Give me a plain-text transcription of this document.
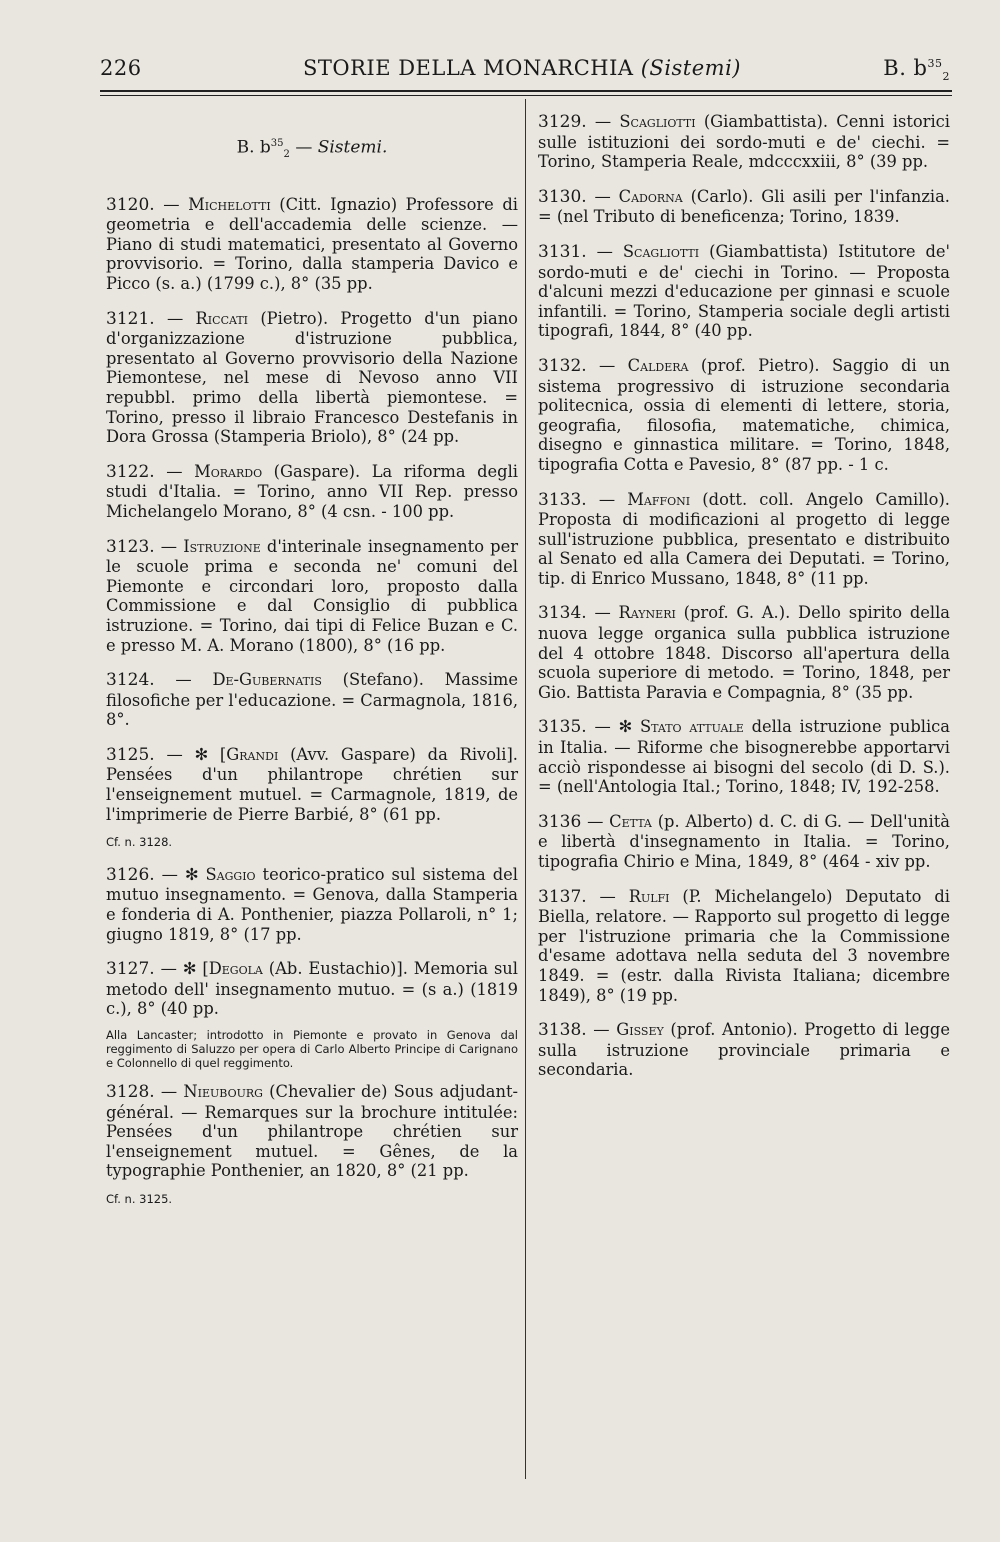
226	STORIE DELLA MONARCHIA (Sistemi)	B. $b^{35}_2$
B. $b^{35}_2$ — Sistemi.
3120. — Michelotti (Citt. Ignazio) Professore di geometria e dell'accademia delle scienze. — Piano di studi matematici, presentato al Governo provvisorio. = Torino, dalla stamperia Davico e Picco (s. a.) (1799 c.), 8° (35 pp.
3121. — Riccati (Pietro). Progetto d'un piano d'organizzazione d'istruzione pubblica, presentato al Governo provvisorio della Nazione Piemontese, nel mese di Nevoso anno VII repubbl. primo della libertà piemontese. = Torino, presso il libraio Francesco Destefanis in Dora Grossa (Stamperia Briolo), 8° (24 pp.
3122. — Morardo (Gaspare). La riforma degli studi d'Italia. = Torino, anno VII Rep. presso Michelangelo Morano, 8° (4 csn. - 100 pp.
3123. — Istruzione d'interinale insegnamento per le scuole prima e seconda ne' comuni del Piemonte e circondari loro, proposto dalla Commissione e dal Consiglio di pubblica istruzione. = Torino, dai tipi di Felice Buzan e C. e presso M. A. Morano (1800), 8° (16 pp.
3124. — De-Gubernatis (Stefano). Massime filosofiche per l'educazione. = Carmagnola, 1816, 8°.
3125. — ✻ [Grandi (Avv. Gaspare) da Rivoli]. Pensées d'un philantrope chrétien sur l'enseignement mutuel. = Carmagnole, 1819, de l'imprimerie de Pierre Barbié, 8° (61 pp.
Cf. n. 3128.
3126. — ✻ Saggio teorico-pratico sul sistema del mutuo insegnamento. = Genova, dalla Stamperia e fonderia di A. Ponthenier, piazza Pollaroli, n° 1; giugno 1819, 8° (17 pp.
3127. — ✻ [Degola (Ab. Eustachio)]. Memoria sul metodo dell' insegnamento mutuo. = (s a.) (1819 c.), 8° (40 pp.
Alla Lancaster; introdotto in Piemonte e provato in Genova dal reggimento di Saluzzo per opera di Carlo Alberto Principe di Carignano e Colonnello di quel reggimento.
3128. — Nieubourg (Chevalier de) Sous adjudant-général. — Remarques sur la brochure intitulée: Pensées d'un philantrope chrétien sur l'enseignement mutuel. = Gênes, de la typographie Ponthenier, an 1820, 8° (21 pp.
Cf. n. 3125.
3129. — Scagliotti (Giambattista). Cenni istorici sulle istituzioni dei sordo-muti e de' ciechi. = Torino, Stamperia Reale, mdcccxxiii, 8° (39 pp.
3130. — Cadorna (Carlo). Gli asili per l'infanzia. = (nel Tributo di beneficenza; Torino, 1839.
3131. — Scagliotti (Giambattista) Istitutore de' sordo-muti e de' ciechi in Torino. — Proposta d'alcuni mezzi d'educazione per ginnasi e scuole infantili. = Torino, Stamperia sociale degli artisti tipografi, 1844, 8° (40 pp.
3132. — Caldera (prof. Pietro). Saggio di un sistema progressivo di istruzione secondaria politecnica, ossia di elementi di lettere, storia, geografia, filosofia, matematiche, chimica, disegno e ginnastica militare. = Torino, 1848, tipografia Cotta e Pavesio, 8° (87 pp. - 1 c.
3133. — Maffoni (dott. coll. Angelo Camillo). Proposta di modificazioni al progetto di legge sull'istruzione pubblica, presentato e distribuito al Senato ed alla Camera dei Deputati. = Torino, tip. di Enrico Mussano, 1848, 8° (11 pp.
3134. — Rayneri (prof. G. A.). Dello spirito della nuova legge organica sulla pubblica istruzione del 4 ottobre 1848. Discorso all'apertura della scuola superiore di metodo. = Torino, 1848, per Gio. Battista Paravia e Compagnia, 8° (35 pp.
3135. — ✻ Stato attuale della istruzione publica in Italia. — Riforme che bisognerebbe apportarvi acciò rispondesse ai bisogni del secolo (di D. S.). = (nell'Antologia Ital.; Torino, 1848; IV, 192-258.
3136 — Cetta (p. Alberto) d. C. di G. — Dell'unità e libertà d'insegnamento in Italia. = Torino, tipografia Chirio e Mina, 1849, 8° (464 - xiv pp.
3137. — Rulfi (P. Michelangelo) Deputato di Biella, relatore. — Rapporto sul progetto di legge per l'istruzione primaria che la Commissione d'esame adottava nella seduta del 3 novembre 1849. = (estr. dalla Rivista Italiana; dicembre 1849), 8° (19 pp.
3138. — Gissey (prof. Antonio). Progetto di legge sulla istruzione provinciale primaria e secondaria.
